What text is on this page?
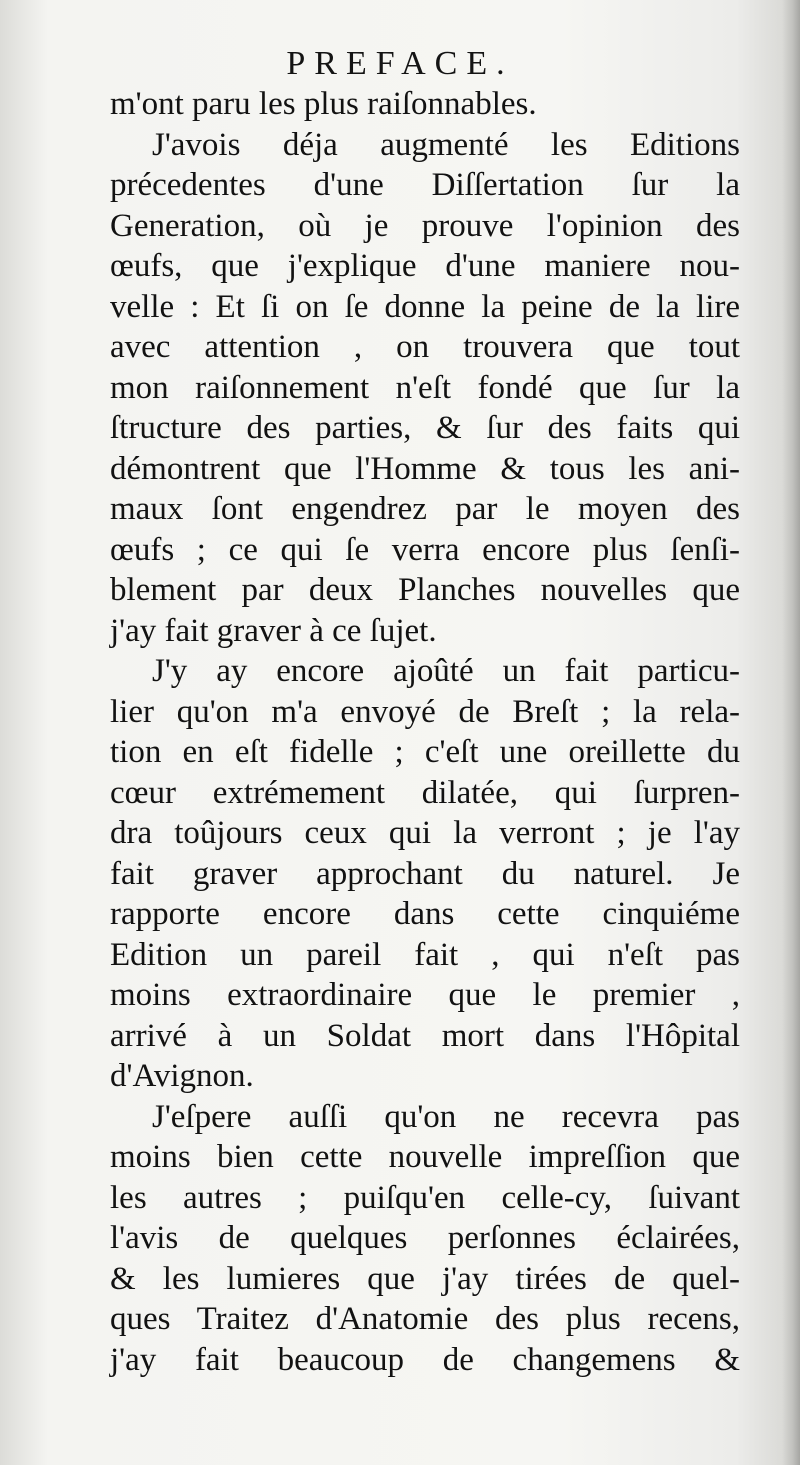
PREFACE.
m'ont paru les plus raiſonnables.
J'avois déja augmenté les Editions
précedentes d'une Diſſertation ſur la
Generation, où je prouve l'opinion des
œufs, que j'explique d'une maniere nou-
velle : Et ſi on ſe donne la peine de la lire
avec attention , on trouvera que tout
mon raiſonnement n'eſt fondé que ſur la
ſtructure des parties, & ſur des faits qui
démontrent que l'Homme & tous les ani-
maux ſont engendrez par le moyen des
œufs ; ce qui ſe verra encore plus ſenſi-
blement par deux Planches nouvelles que
j'ay fait graver à ce ſujet.
J'y ay encore ajoûté un fait particu-
lier qu'on m'a envoyé de Breſt ; la rela-
tion en eſt fidelle ; c'eſt une oreillette du
cœur extrémement dilatée, qui ſurpren-
dra toûjours ceux qui la verront ; je l'ay
fait graver approchant du naturel. Je
rapporte encore dans cette cinquiéme
Edition un pareil fait , qui n'eſt pas
moins extraordinaire que le premier ,
arrivé à un Soldat mort dans l'Hôpital
d'Avignon.
J'eſpere auſſi qu'on ne recevra pas
moins bien cette nouvelle impreſſion que
les autres ; puiſqu'en celle-cy, ſuivant
l'avis de quelques perſonnes éclairées,
& les lumieres que j'ay tirées de quel-
ques Traitez d'Anatomie des plus recens,
j'ay fait beaucoup de changemens &
